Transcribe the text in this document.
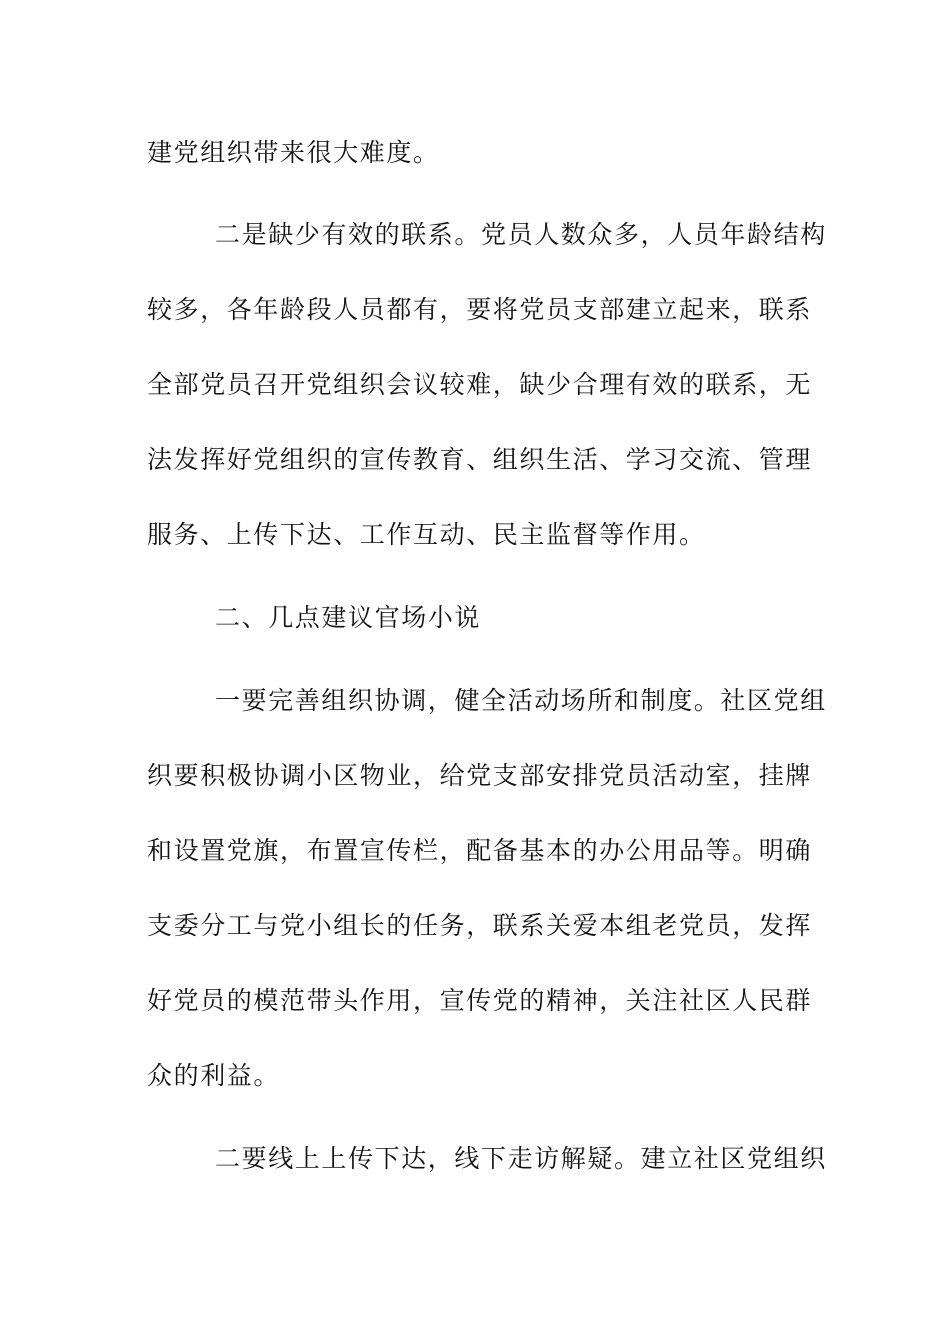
建党组织带来很大难度。

二是缺少有效的联系。党员人数众多，人员年龄结构

较多，各年龄段人员都有，要将党员支部建立起来，联系

全部党员召开党组织会议较难，缺少合理有效的联系，无

法发挥好党组织的宣传教育、组织生活、学习交流、管理

服务、上传下达、工作互动、民主监督等作用。

二、几点建议官场小说

一要完善组织协调，健全活动场所和制度。社区党组

织要积极协调小区物业，给党支部安排党员活动室，挂牌

和设置党旗，布置宣传栏，配备基本的办公用品等。明确

支委分工与党小组长的任务，联系关爱本组老党员，发挥

好党员的模范带头作用，宣传党的精神，关注社区人民群

众的利益。

二要线上上传下达，线下走访解疑。建立社区党组织
